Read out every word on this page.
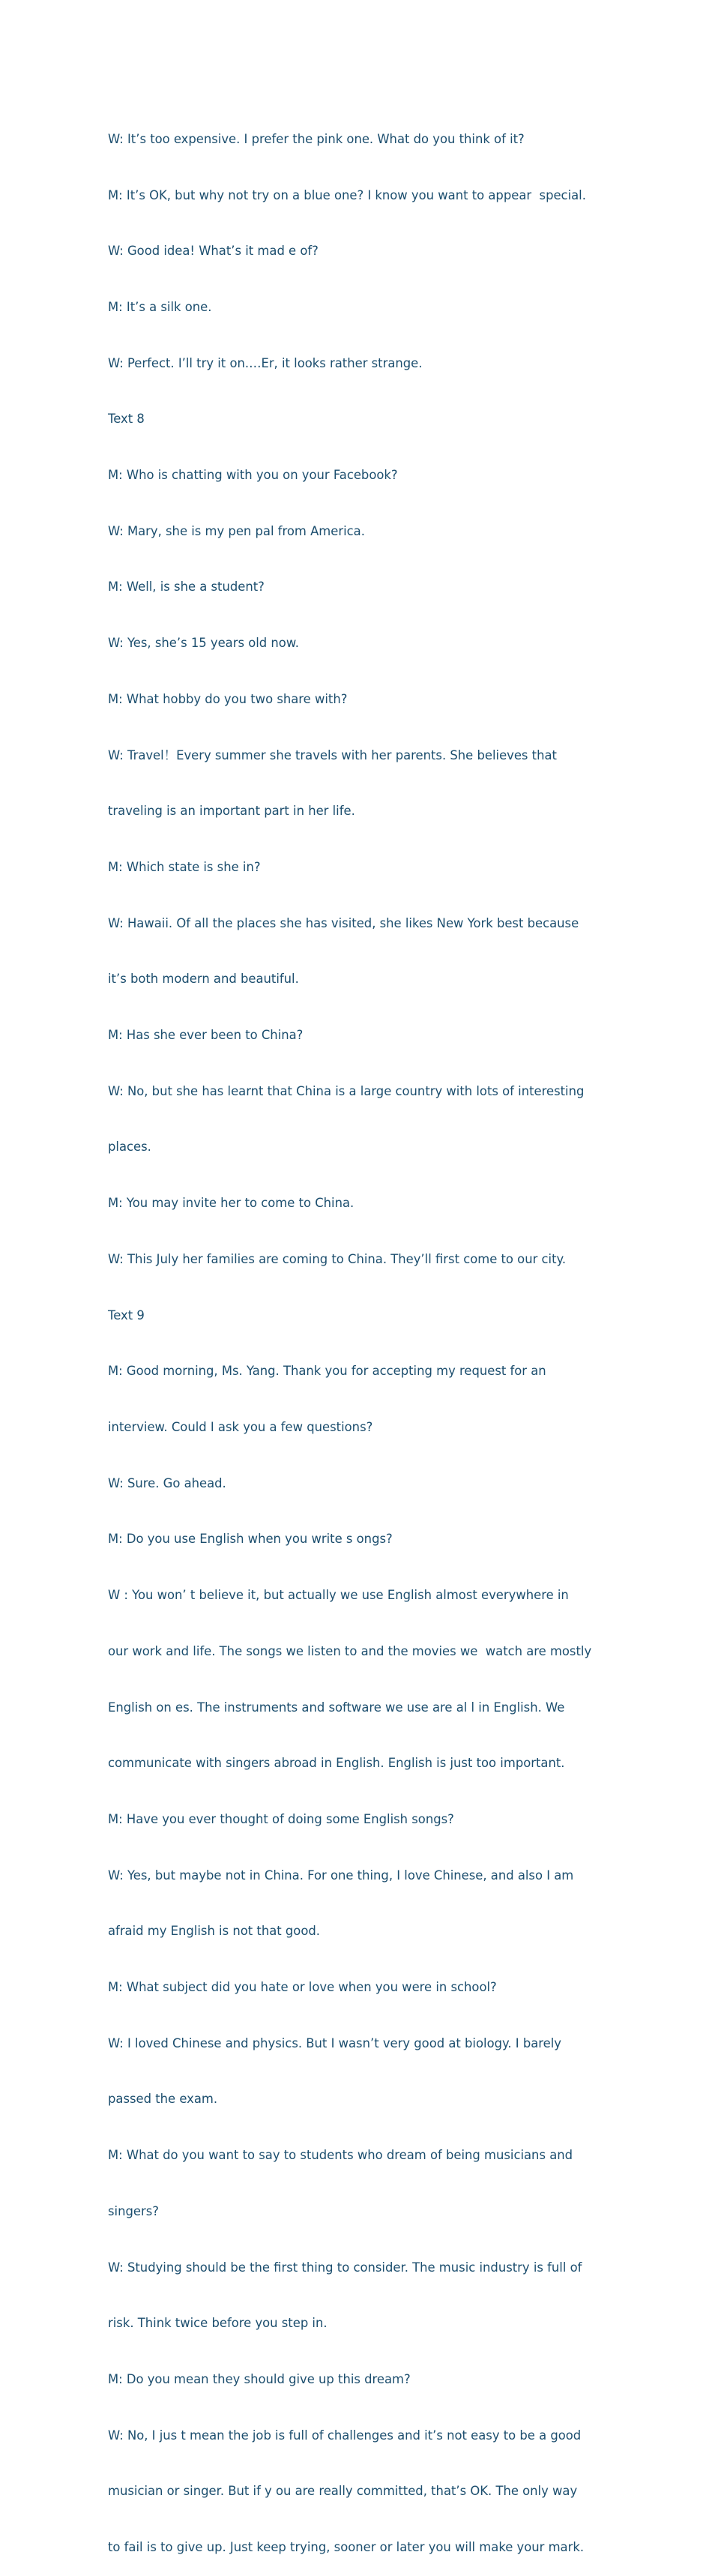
W: It’s too expensive. I prefer the pink one. What do you think of it?

M: It’s OK, but why not try on a blue one? I know you want to appear  special.

W: Good idea! What’s it mad e of?

M: It’s a silk one.

W: Perfect. I’ll try it on.…Er, it looks rather strange.

Text 8

M: Who is chatting with you on your Facebook?

W: Mary, she is my pen pal from America.

M: Well, is she a student?

W: Yes, she’s 15 years old now.

M: What hobby do you two share with?

W: Travel！Every summer she travels with her parents. She believes that

traveling is an important part in her life.

M: Which state is she in?

W: Hawaii. Of all the places she has visited, she likes New York best because

it’s both modern and beautiful.

M: Has she ever been to China?

W: No, but she has learnt that China is a large country with lots of interesting

places.

M: You may invite her to come to China.

W: This July her families are coming to China. They’ll first come to our city.

Text 9

M: Good morning, Ms. Yang. Thank you for accepting my request for an

interview. Could I ask you a few questions?

W: Sure. Go ahead.

M: Do you use English when you write s ongs?

W : You won’ t believe it, but actually we use English almost everywhere in

our work and life. The songs we listen to and the movies we  watch are mostly

English on es. The instruments and software we use are al l in English. We

communicate with singers abroad in English. English is just too important.

M: Have you ever thought of doing some English songs?

W: Yes, but maybe not in China. For one thing, I love Chinese, and also I am

afraid my English is not that good.

M: What subject did you hate or love when you were in school?

W: I loved Chinese and physics. But I wasn’t very good at biology. I barely

passed the exam.

M: What do you want to say to students who dream of being musicians and

singers?

W: Studying should be the first thing to consider. The music industry is full of

risk. Think twice before you step in.

M: Do you mean they should give up this dream?

W: No, I jus t mean the job is full of challenges and it’s not easy to be a good

musician or singer. But if y ou are really committed, that’s OK. The only way

to fail is to give up. Just keep trying, sooner or later you will make your mark.
